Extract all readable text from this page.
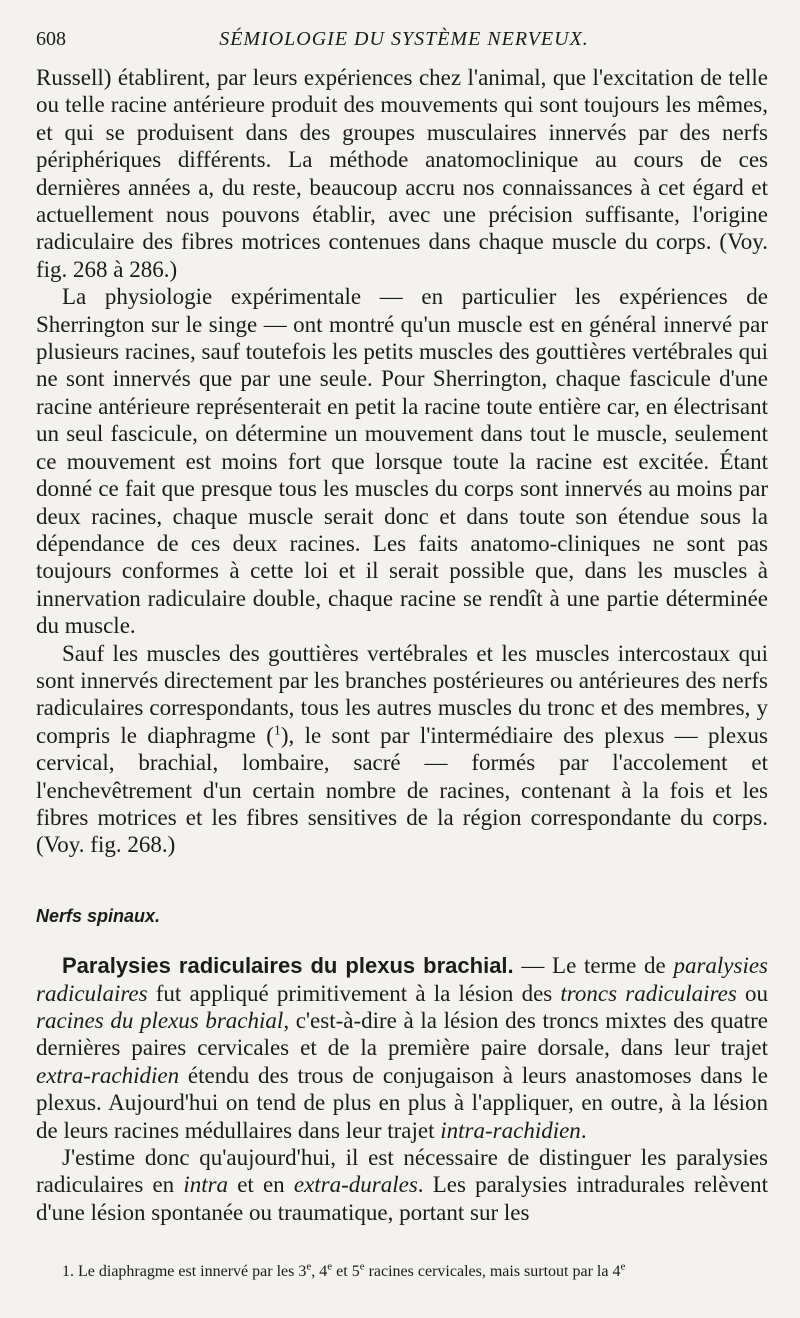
608	SÉMIOLOGIE DU SYSTÈME NERVEUX.

Russell) établirent, par leurs expériences chez l'animal, que l'excitation de telle ou telle racine antérieure produit des mouvements qui sont toujours les mêmes, et qui se produisent dans des groupes musculaires innervés par des nerfs périphériques différents. La méthode anatomoclinique au cours de ces dernières années a, du reste, beaucoup accru nos connaissances à cet égard et actuellement nous pouvons établir, avec une précision suffisante, l'origine radiculaire des fibres motrices contenues dans chaque muscle du corps. (Voy. fig. 268 à 286.)

La physiologie expérimentale — en particulier les expériences de Sherrington sur le singe — ont montré qu'un muscle est en général innervé par plusieurs racines, sauf toutefois les petits muscles des gouttières vertébrales qui ne sont innervés que par une seule. Pour Sherrington, chaque fascicule d'une racine antérieure représenterait en petit la racine toute entière car, en électrisant un seul fascicule, on détermine un mouvement dans tout le muscle, seulement ce mouvement est moins fort que lorsque toute la racine est excitée. Étant donné ce fait que presque tous les muscles du corps sont innervés au moins par deux racines, chaque muscle serait donc et dans toute son étendue sous la dépendance de ces deux racines. Les faits anatomo-cliniques ne sont pas toujours conformes à cette loi et il serait possible que, dans les muscles à innervation radiculaire double, chaque racine se rendît à une partie déterminée du muscle.

Sauf les muscles des gouttières vertébrales et les muscles intercostaux qui sont innervés directement par les branches postérieures ou antérieures des nerfs radiculaires correspondants, tous les autres muscles du tronc et des membres, y compris le diaphragme ($^1$), le sont par l'intermédiaire des plexus — plexus cervical, brachial, lombaire, sacré — formés par l'accolement et l'enchevêtrement d'un certain nombre de racines, contenant à la fois et les fibres motrices et les fibres sensitives de la région correspondante du corps. (Voy. fig. 268.)

Nerfs spinaux.

Paralysies radiculaires du plexus brachial. — Le terme de paralysies radiculaires fut appliqué primitivement à la lésion des troncs radiculaires ou racines du plexus brachial, c'est-à-dire à la lésion des troncs mixtes des quatre dernières paires cervicales et de la première paire dorsale, dans leur trajet extra-rachidien étendu des trous de conjugaison à leurs anastomoses dans le plexus. Aujourd'hui on tend de plus en plus à l'appliquer, en outre, à la lésion de leurs racines médullaires dans leur trajet intra-rachidien.

J'estime donc qu'aujourd'hui, il est nécessaire de distinguer les paralysies radiculaires en intra et en extra-durales. Les paralysies intradurales relèvent d'une lésion spontanée ou traumatique, portant sur les

1. Le diaphragme est innervé par les 3e, 4e et 5e racines cervicales, mais surtout par la 4e
